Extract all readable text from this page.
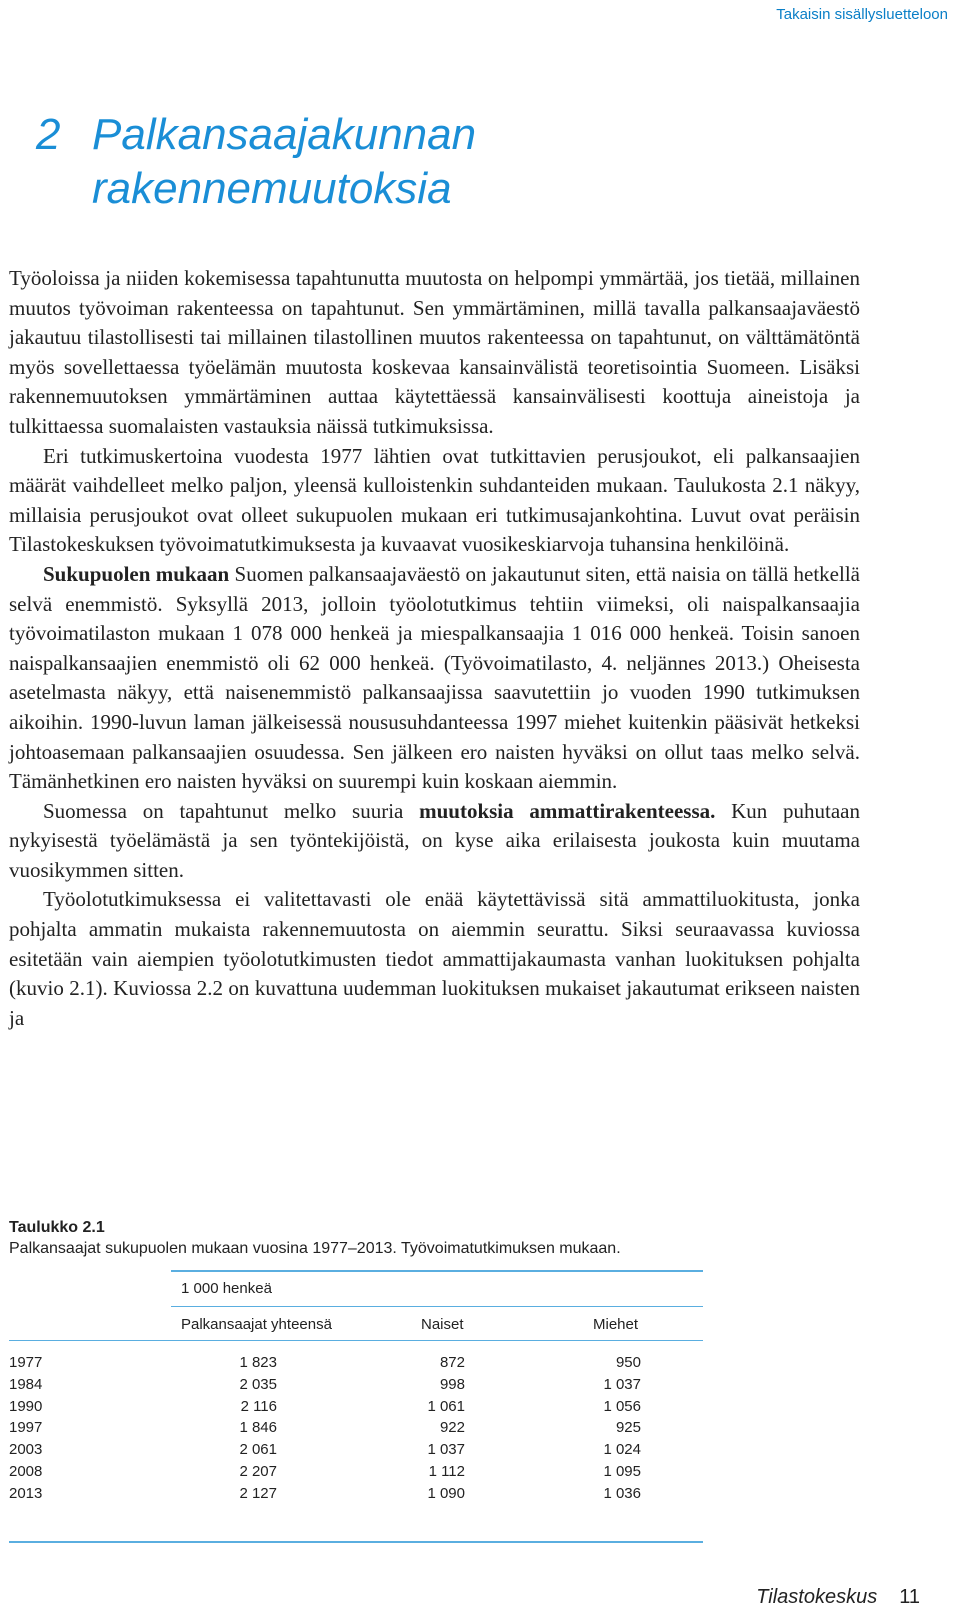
Takaisin sisällysluetteloon
2 Palkansaajakunnan
rakennemuutoksia

Työoloissa ja niiden kokemisessa tapahtunutta muutosta on helpompi ymmärtää, jos tietää, millainen muutos työvoiman rakenteessa on tapahtunut. Sen ymmärtäminen, millä tavalla palkansaajaväestö jakautuu tilastollisesti tai millainen tilastollinen muutos rakenteessa on tapahtunut, on välttämätöntä myös sovellettaessa työelämän muutosta koskevaa kansainvälistä teoretisointia Suomeen. Lisäksi rakennemuutoksen ymmärtäminen auttaa käytettäessä kansainvälisesti koottuja aineistoja ja tulkittaessa suomalaisten vastauksia näissä tutkimuksissa.

Eri tutkimuskertoina vuodesta 1977 lähtien ovat tutkittavien perusjoukot, eli palkansaajien määrät vaihdelleet melko paljon, yleensä kulloistenkin suhdanteiden mukaan. Taulukosta 2.1 näkyy, millaisia perusjoukot ovat olleet sukupuolen mukaan eri tutkimusajankohtina. Luvut ovat peräisin Tilastokeskuksen työvoimatutkimuksesta ja kuvaavat vuosikeskiarvoja tuhansina henkilöinä.

Sukupuolen mukaan Suomen palkansaajaväestö on jakautunut siten, että naisia on tällä hetkellä selvä enemmistö. Syksyllä 2013, jolloin työolotutkimus tehtiin viimeksi, oli naispalkansaajia työvoimatilaston mukaan 1 078 000 henkeä ja miespalkansaajia 1 016 000 henkeä. Toisin sanoen naispalkansaajien enemmistö oli 62 000 henkeä. (Työvoimatilasto, 4. neljännes 2013.) Oheisesta asetelmasta näkyy, että naisenemmistö palkansaajissa saavutettiin jo vuoden 1990 tutkimuksen aikoihin. 1990-luvun laman jälkeisessä noususuhdanteessa 1997 miehet kuitenkin pääsivät hetkeksi johtoasemaan palkansaajien osuudessa. Sen jälkeen ero naisten hyväksi on ollut taas melko selvä. Tämänhetkinen ero naisten hyväksi on suurempi kuin koskaan aiemmin.

Suomessa on tapahtunut melko suuria muutoksia ammattirakenteessa. Kun puhutaan nykyisestä työelämästä ja sen työntekijöistä, on kyse aika erilaisesta joukosta kuin muutama vuosikymmen sitten.

Työolotutkimuksessa ei valitettavasti ole enää käytettävissä sitä ammattiluokitusta, jonka pohjalta ammatin mukaista rakennemuutosta on aiemmin seurattu. Siksi seuraavassa kuviossa esitetään vain aiempien työolotutkimusten tiedot ammattijakaumasta vanhan luokituksen pohjalta (kuvio 2.1). Kuviossa 2.2 on kuvattuna uudemman luokituksen mukaiset jakautumat erikseen naisten ja

Taulukko 2.1
Palkansaajat sukupuolen mukaan vuosina 1977–2013. Työvoimatutkimuksen mukaan.
1 000 henkeä
Palkansaajat yhteensä	Naiset	Miehet
1977	1 823	872	950
1984	2 035	998	1 037
1990	2 116	1 061	1 056
1997	1 846	922	925
2003	2 061	1 037	1 024
2008	2 207	1 112	1 095
2013	2 127	1 090	1 036
Tilastokeskus 11
